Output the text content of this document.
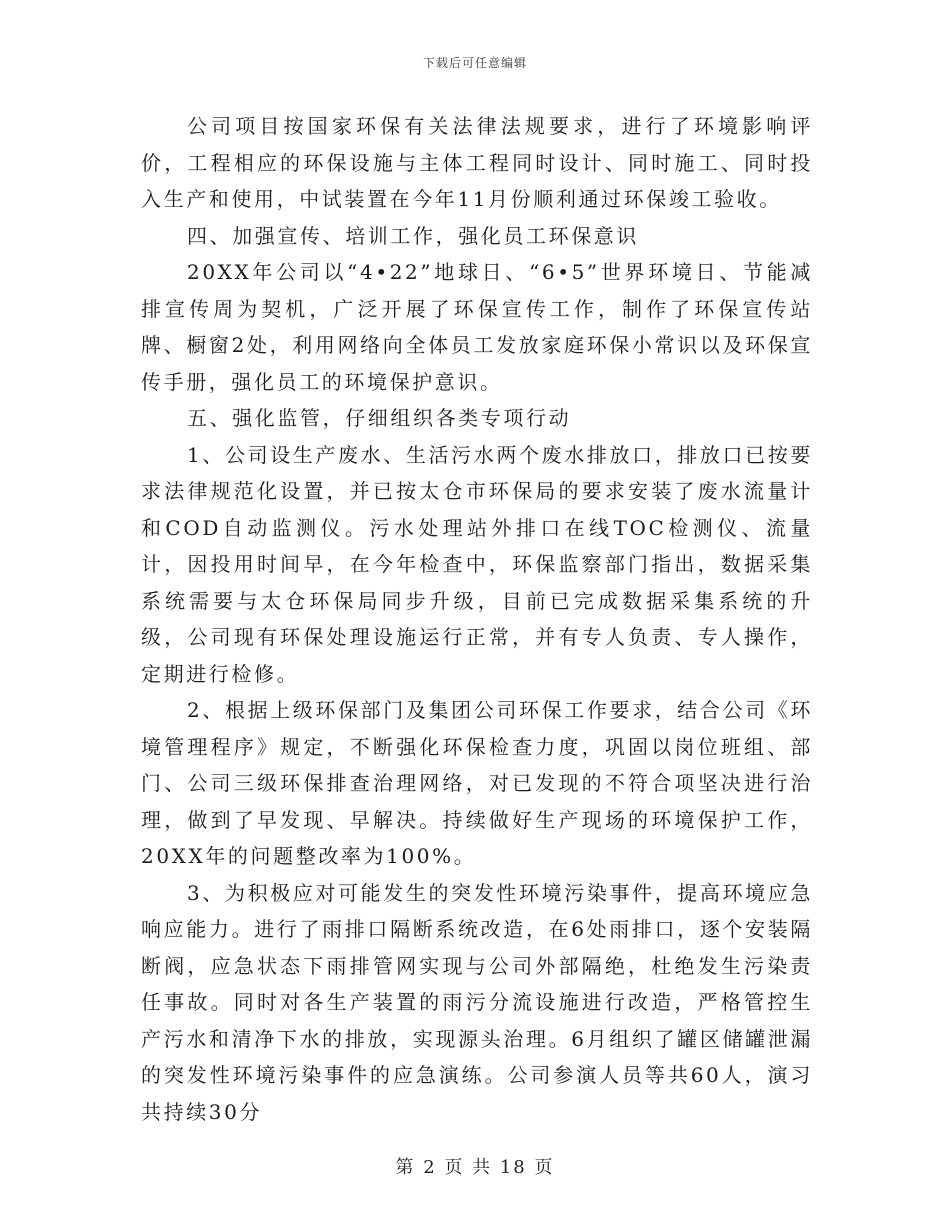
下载后可任意编辑

公司项目按国家环保有关法律法规要求，进行了环境影响评价，工程相应的环保设施与主体工程同时设计、同时施工、同时投入生产和使用，中试装置在今年11月份顺利通过环保竣工验收。

四、加强宣传、培训工作，强化员工环保意识

20XX年公司以“4•22”地球日、“6•5”世界环境日、节能减排宣传周为契机，广泛开展了环保宣传工作，制作了环保宣传站牌、橱窗2处，利用网络向全体员工发放家庭环保小常识以及环保宣传手册，强化员工的环境保护意识。

五、强化监管，仔细组织各类专项行动

1、公司设生产废水、生活污水两个废水排放口，排放口已按要求法律规范化设置，并已按太仓市环保局的要求安装了废水流量计和COD自动监测仪。污水处理站外排口在线TOC检测仪、流量计，因投用时间早，在今年检查中，环保监察部门指出，数据采集系统需要与太仓环保局同步升级，目前已完成数据采集系统的升级，公司现有环保处理设施运行正常，并有专人负责、专人操作，定期进行检修。

2、根据上级环保部门及集团公司环保工作要求，结合公司《环境管理程序》规定，不断强化环保检查力度，巩固以岗位班组、部门、公司三级环保排查治理网络，对已发现的不符合项坚决进行治理，做到了早发现、早解决。持续做好生产现场的环境保护工作，20XX年的问题整改率为100%。

3、为积极应对可能发生的突发性环境污染事件，提高环境应急响应能力。进行了雨排口隔断系统改造，在6处雨排口，逐个安装隔断阀，应急状态下雨排管网实现与公司外部隔绝，杜绝发生污染责任事故。同时对各生产装置的雨污分流设施进行改造，严格管控生产污水和清净下水的排放，实现源头治理。6月组织了罐区储罐泄漏的突发性环境污染事件的应急演练。公司参演人员等共60人，演习共持续30分

第 2 页 共 18 页
